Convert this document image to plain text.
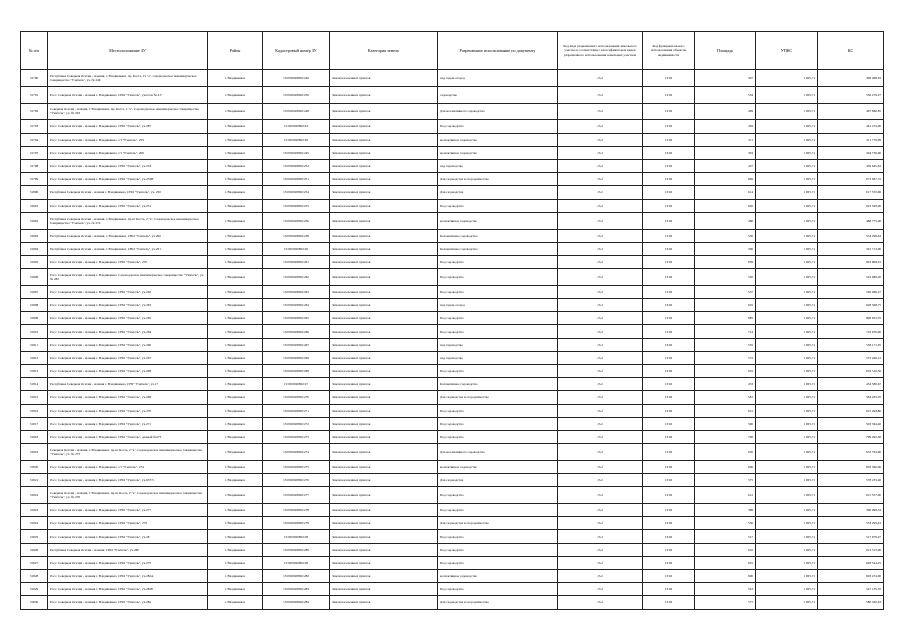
№ п/п	Местоположение ЗУ	Район	Кадастровый номер ЗУ	Категория земель	Разрешенное использование по документу	Код вида разрешенного использования земельного участка в соответствии с классификатором видов разрешенного использования земельных участков	Код функционального использования объектов недвижимости	Площадь	УПКС	КС
31790	Республика Северная Осетия - Алания, г. Владикавказ, пр. Коста, 15 "а", садоводческое некоммерческое товарищество "Учитель", уч. № 249	г. Владикавказ	15:09:0020802:240	Земли населенных пунктов	под садом-огород	13.2	13:02	397	1 005,71	399 468,63
31791	Росс. Северная Осетия - Алания г. Владикавказ, СНО "Учитель", участок № 41"	г. Владикавказ	15:09:0020802:250	Земли населенных пунктов	садоводство	13.2	13:02	534	1 005,71	536 279,27
31792	Северная Осетия - Алания, г. Владикавказ, пр. Коста, 2 "а", Садоводческое некоммерческое товарищество "Учитель", уч. № 263	г. Владикавказ	15:09:0020802:248	Земли населенных пунктов	Для коллективного садоводства	13.2	13:02	499	1 005,71	497 860,85
31793	Росс. Северная Осетия - Алания г. Владикавказ, СНО "Учитель", уч.287	г. Владикавказ	15:09:0020802:43	Земли населенных пунктов	Под садоводство	13.2	13:02	459	1 005,71	461 474,00
31794	Росс. Северная Осетия - Алания г. Владикавказ, с/т "Учитель", 259	г. Владикавказ	15:09:0020802:29	Земли населенных пунктов	коллективное садоводство	13.2	13:02	311	1 005,71	311 776,99
31797	Росс. Северная Осетия - Алания г. Владикавказ, с/т "Учитель", 206	г. Владикавказ	15:09:0020802:245	Земли населенных пунктов	коллективное садоводство	13.2	13:02	303	1 005,71	304 736,90
31798	Росс. Северная Осетия - Алания г. Владикавказ, СНО "Учитель", уч.253	г. Владикавказ	15:09:0020802:252	Земли населенных пунктов	под садоводство	13.2	13:02	457	1 005,71	459 645,63
31799	Росс. Северная Осетия - Алания г. Владикавказ, СНО "Учитель", уч.252В	г. Владикавказ	15:09:0020802:251	Земли населенных пунктов	Для садоводства и огородничества	13.2	13:02	669	1 005,71	673 067,72
31800	Республика Северная Осетия - Алания г. Владикавказ, СНО "Учитель", уч. 250	г. Владикавказ	15:09:0020802:254	Земли населенных пунктов	Для садоводства	13.2	13:02	614	1 005,71	617 555,96
31801	Росс. Северная Осетия - Алания г. Владикавказ, СНО "Учитель", уч.251	г. Владикавказ	15:09:0020802:255	Земли населенных пунктов	Под садоводство	13.2	13:02	620	1 005,71	623 509,00
31802	Республика Северная Осетия - Алания, г. Владикавказ, пр-кт Коста, 2 "а", Садоводческое некоммерческое товарищество "Учитель", уч. № 274	г. Владикавказ	15:09:0020802:256	Земли населенных пунктов	коллективное садоводство	13.2	13:02	486	1 005,71	488 775,06
31803	Республика Северная Осетия - Алания, г. Владикавказ, СНО "Учитель", уч.260	г. Владикавказ	15:09:0020802:258	Земли населенных пунктов	Коллективное садоводство	13.2	13:02	530	1 005,71	534 296,43
31804	Республика Северная Осетия - Алания, г. Владикавказ, СНО "Учитель", уч.261	г. Владикавказ	15:09:0020802:26	Земли населенных пунктов	Коллективное садоводство	13.2	13:02	300	1 005,71	301 713,00
31805	Росс. Северная Осетия - Алания г. Владикавказ, СНО "Учитель", 270	г. Владикавказ	15:09:0020802:261	Земли населенных пунктов	Под садоводство	13.2	13:02	839	1 005,71	843 809,01
31806	Росс. Северная Осетия - Алания г. Владикавказ, Садоводческое некоммерческое товарищество "Учитель", уч. № 282	г. Владикавказ	15:09:0020802:262	Земли населенных пунктов	Под садоводство	13.2	13:02	520	1 005,71	522 969,20
31807	Росс. Северная Осетия - Алания г. Владикавказ, СНО "Учитель", уч.262	г. Владикавказ	15:09:0020802:263	Земли населенных пунктов	Под садоводство	13.2	13:02	537	1 005,71	540 066,27
31808	Росс. Северная Осетия - Алания г. Владикавказ, СНО "Учитель", уч.263	г. Владикавказ	15:09:0020802:264	Земли населенных пунктов	под садом-огород	13.2	13:02	625	1 005,71	628 568,75
31809	Росс. Северная Осетия - Алания г. Владикавказ, СНО "Учитель", уч.265	г. Владикавказ	15:09:0020802:265	Земли населенных пунктов	Под садоводство	13.2	13:02	885	1 005,71	890 053,35
31810	Росс. Северная Осетия - Алания г. Владикавказ, СНО "Учитель", уч.264	г. Владикавказ	15:09:0020802:266	Земли населенных пунктов	Под садоводство	13.2	13:02	714	1 005,71	716 976,90
31811	Росс. Северная Осетия - Алания г. Владикавказ, СНО "Учитель", уч.266	г. Владикавказ	15:09:0020802:267	Земли населенных пунктов	под садоводство	13.2	13:02	555	1 005,71	558 171,05
31812	Росс. Северная Осетия - Алания г. Владикавказ, СНО "Учитель", уч.267	г. Владикавказ	15:09:0020802:269	Земли населенных пунктов	под садоводство	13.2	13:02	572	1 005,71	575 266,12
31813	Росс. Северная Осетия - Алания г. Владикавказ, СНО "Учитель", уч.268	г. Владикавказ	15:09:0020802:268	Земли населенных пунктов	Под садоводство	13.2	13:02	616	1 005,71	619 516,36
31814	Республика Северная Осетия - Алания г. Владикавказ, СНТ "Учитель", уч.17	г. Владикавказ	15:09:0020802:27	Земли населенных пунктов	Коллективное садоводство	13.2	13:02	453	1 005,71	454 580,67
31815	Росс. Северная Осетия - Алания г. Владикавказ, СНО "Учитель", уч.268	г. Владикавказ	15:09:0020802:270	Земли населенных пунктов	Для садоводства и огородничества	13.2	13:02	581	1 005,71	584 263,05
31816	Росс. Северная Осетия - Алания г. Владикавказ, СНО "Учитель", уч.270	г. Владикавказ	15:09:0020802:271	Земли населенных пунктов	Под садоводство	13.2	13:02	612	1 005,71	615 494,80
31817	Росс. Северная Осетия - Алания г. Владикавказ, СНО "Учитель", уч.271	г. Владикавказ	15:09:0020802:272	Земли населенных пунктов	Под садоводство	13.2	13:02	590	1 005,71	593 364,40
31818	Росс. Северная Осетия - Алания г. Владикавказ, СНО "Учитель", дачный №273	г. Владикавказ	15:09:0020802:273	Земли населенных пунктов	Под садоводство	13.2	13:02	796	1 005,71	799 492,36
31819	Северная Осетия - Алания, г. Владикавказ, пр-кт Коста, 2 "а", Садоводческое некоммерческое товарищество "Учитель", уч. № 273	г. Владикавказ	15:09:0020802:274	Земли населенных пунктов	Для коллективного садоводства	13.2	13:02	650	1 005,71	653 764,60
31820	Росс. Северная Осетия - Алания г. Владикавказ, с/т "Учитель", 274	г. Владикавказ	15:09:0020802:275	Земли населенных пунктов	коллективное садоводство	13.2	13:02	600	1 005,71	603 360,00
31821	Росс. Северная Осетия - Алания г. Владикавказ, СНО "Учитель", уч.637/5	г. Владикавказ	15:09:0020802:276	Земли населенных пунктов	Для садоводства	13.2	13:02	575	1 005,71	578 233,40
31822	Северная Осетия - Алания, г. Владикавказ, пр-кт Коста, 2 "а", Садоводческое некоммерческое товарищество "Учитель", уч. № 276	г. Владикавказ	15:09:0020802:277	Земли населенных пунктов	Под садоводство	13.2	13:02	612	1 005,71	615 557,00
31823	Росс. Северная Осетия - Алания г. Владикавказ, СНО "Учитель", уч.277	г. Владикавказ	15:09:0020802:278	Земли населенных пунктов	Под садоводство	13.2	13:02	388	1 005,71	390 099,34
31824	Росс. Северная Осетия - Алания г. Владикавказ, СНО "Учитель", 279	г. Владикавказ	15:09:0020802:279	Земли населенных пунктов	Для садоводства и огородничества	13.2	13:02	550	1 005,71	553 295,43
31825	Росс. Северная Осетия - Алания г. Владикавказ, СНО "Учитель", уч.28	г. Владикавказ	15:09:0020802:28	Земли населенных пунктов	Под садоводство	13.2	13:02	517	1 005,71	517 979,27
31826	Республика Северная Осетия - Алания, СНО "Учитель", уч.280	г. Владикавказ	15:09:0020802:280	Земли населенных пунктов	Под садоводство	13.2	13:02	610	1 005,71	613 513,06
31827	Росс. Северная Осетия - Алания г. Владикавказ, СНО "Учитель", уч.275	г. Владикавказ	15:09:0020802:28	Земли населенных пунктов	Под садоводство	13.2	13:02	625	1 005,71	628 524,25
31828	Росс. Северная Осетия - Алания г. Владикавказ, СНО "Учитель", уч.282А	г. Владикавказ	15:09:0020802:282	Земли населенных пунктов	коллективное садоводство	13.2	13:02	600	1 005,71	603 474,00
31829	Росс. Северная Осетия - Алания г. Владикавказ, СНО "Учитель", уч.282Б	г. Владикавказ	15:09:0020802:283	Земли населенных пунктов	Под садоводство	13.2	13:02	543	1 005,71	547 135,35
31830	Росс. Северная Осетия - Алания г. Владикавказ, СНО "Учитель", уч.282	г. Владикавказ	15:09:0020802:284	Земли населенных пунктов	Для садоводства и огородничества	13.2	13:02	577	1 005,71	580 320,63
